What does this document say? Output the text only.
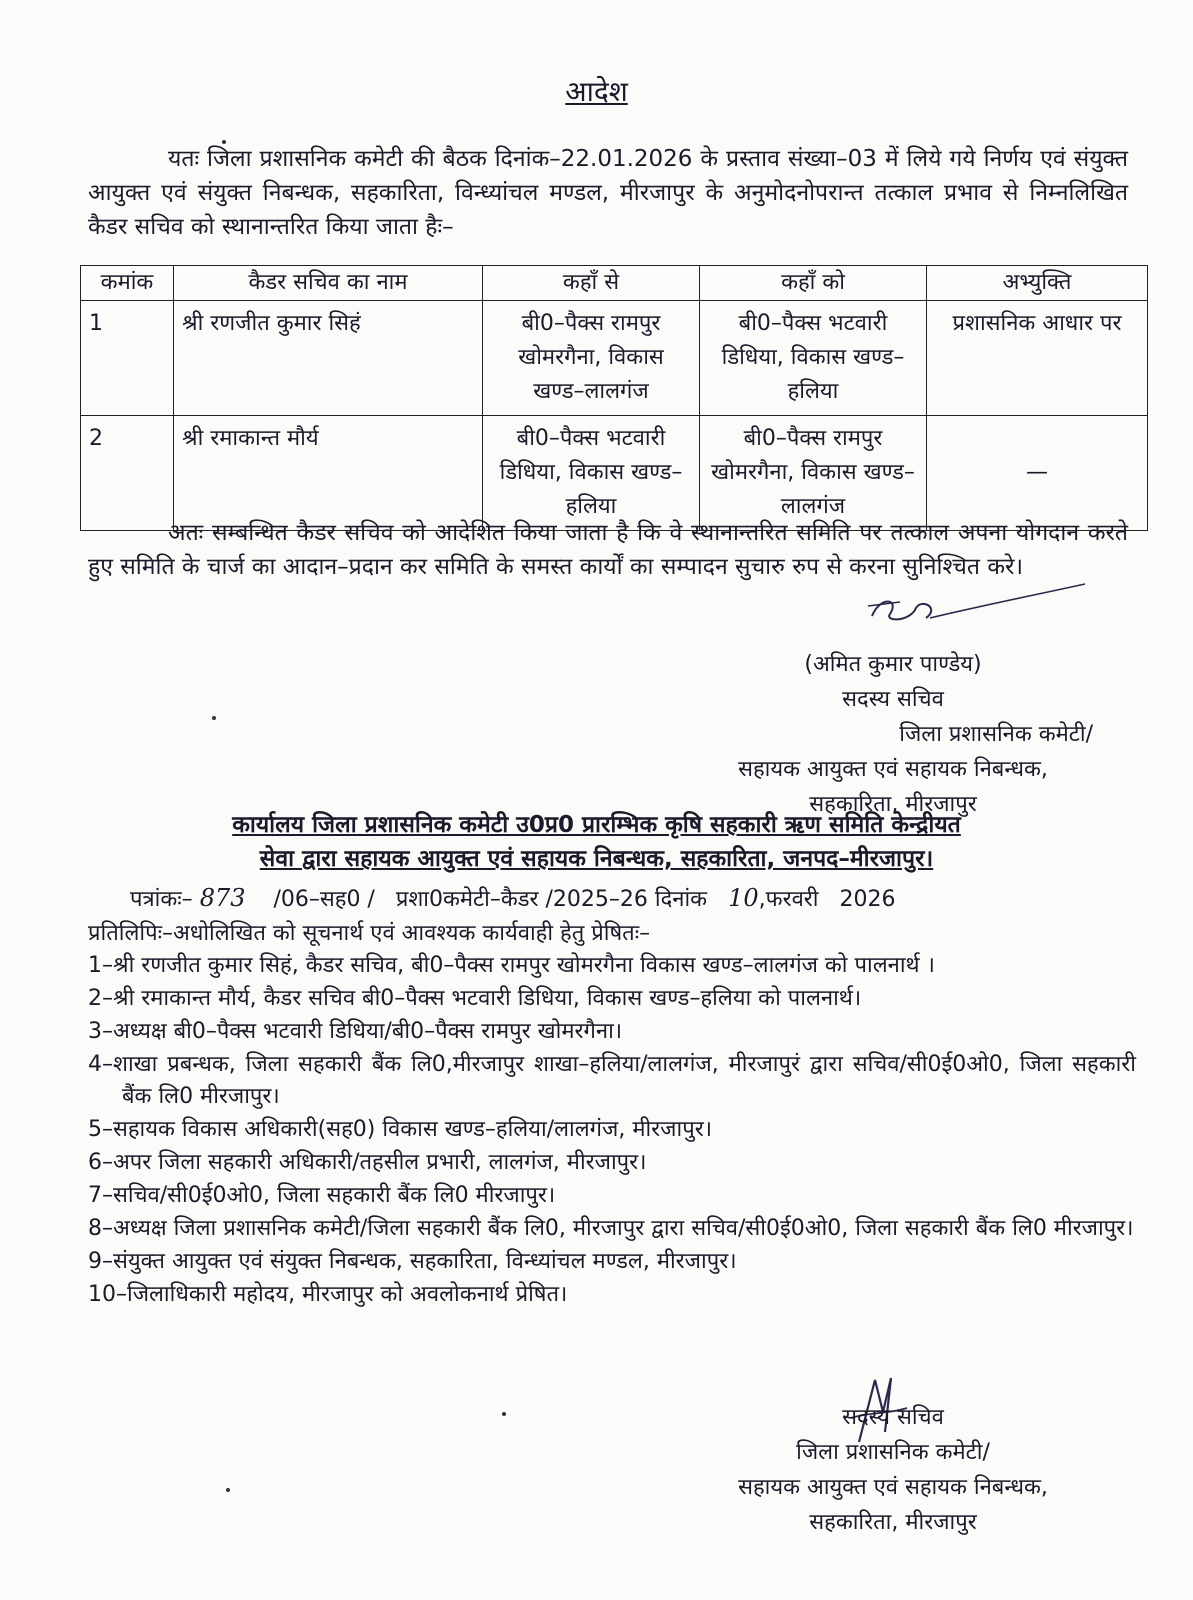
आदेश
यतः जिला प्रशासनिक कमेटी की बैठक दिनांक–22.01.2026 के प्रस्ताव संख्या–03 में लिये गये निर्णय एवं संयुक्त आयुक्त एवं संयुक्त निबन्धक, सहकारिता, विन्ध्यांचल मण्डल, मीरजापुर के अनुमोदनोपरान्त तत्काल प्रभाव से निम्नलिखित कैडर सचिव को स्थानान्तरित किया जाता हैः–
कमांक	कैडर सचिव का नाम	कहाँ से	कहाँ को	अभ्युक्ति
1	श्री रणजीत कुमार सिहं	बी0–पैक्स रामपुर खोमरगैना, विकास खण्ड–लालगंज	बी0–पैक्स भटवारी डिधिया, विकास खण्ड–हलिया	प्रशासनिक आधार पर
2	श्री रमाकान्त मौर्य	बी0–पैक्स भटवारी डिधिया, विकास खण्ड–हलिया	बी0–पैक्स रामपुर खोमरगैना, विकास खण्ड–लालगंज	—
अतः सम्बन्धित कैडर सचिव को आदेशित किया जाता है कि वे स्थानान्तरित समिति पर तत्काल अपना योगदान करते हुए समिति के चार्ज का आदान–प्रदान कर समिति के समस्त कार्यों का सम्पादन सुचारु रुप से करना सुनिश्चित करे।
(अमित कुमार पाण्डेय)
सदस्य सचिव
जिला प्रशासनिक कमेटी/
सहायक आयुक्त एवं सहायक निबन्धक,
सहकारिता, मीरजापुर
कार्यालय जिला प्रशासनिक कमेटी उ0प्र0 प्रारम्भिक कृषि सहकारी ऋण समिति केन्द्रीयत
सेवा द्वारा सहायक आयुक्त एवं सहायक निबन्धक, सहकारिता, जनपद–मीरजापुर।
पत्रांकः– 873 /06–सह0 /   प्रशा0कमेटी–कैडर /2025–26 दिनांक 10,फरवरी   2026
प्रतिलिपिः–अधोलिखित को सूचनार्थ एवं आवश्यक कार्यवाही हेतु प्रेषितः–
1–श्री रणजीत कुमार सिहं, कैडर सचिव, बी0–पैक्स रामपुर खोमरगैना विकास खण्ड–लालगंज को पालनार्थ ।
2–श्री रमाकान्त मौर्य, कैडर सचिव बी0–पैक्स भटवारी डिधिया, विकास खण्ड–हलिया को पालनार्थ।
3–अध्यक्ष बी0–पैक्स भटवारी डिधिया/बी0–पैक्स रामपुर खोमरगैना।
4–शाखा प्रबन्धक, जिला सहकारी बैंक लि0,मीरजापुर शाखा–हलिया/लालगंज, मीरजापुरं द्वारा सचिव/सी0ई0ओ0, जिला सहकारी बैंक लि0 मीरजापुर।
5–सहायक विकास अधिकारी(सह0) विकास खण्ड–हलिया/लालगंज, मीरजापुर।
6–अपर जिला सहकारी अधिकारी/तहसील प्रभारी, लालगंज, मीरजापुर।
7–सचिव/सी0ई0ओ0, जिला सहकारी बैंक लि0 मीरजापुर।
8–अध्यक्ष जिला प्रशासनिक कमेटी/जिला सहकारी बैंक लि0, मीरजापुर द्वारा सचिव/सी0ई0ओ0, जिला सहकारी बैंक लि0 मीरजापुर।
9–संयुक्त आयुक्त एवं संयुक्त निबन्धक, सहकारिता, विन्ध्यांचल मण्डल, मीरजापुर।
10–जिलाधिकारी महोदय, मीरजापुर को अवलोकनार्थ प्रेषित।
सदस्य सचिव
जिला प्रशासनिक कमेटी/
सहायक आयुक्त एवं सहायक निबन्धक,
सहकारिता, मीरजापुर
